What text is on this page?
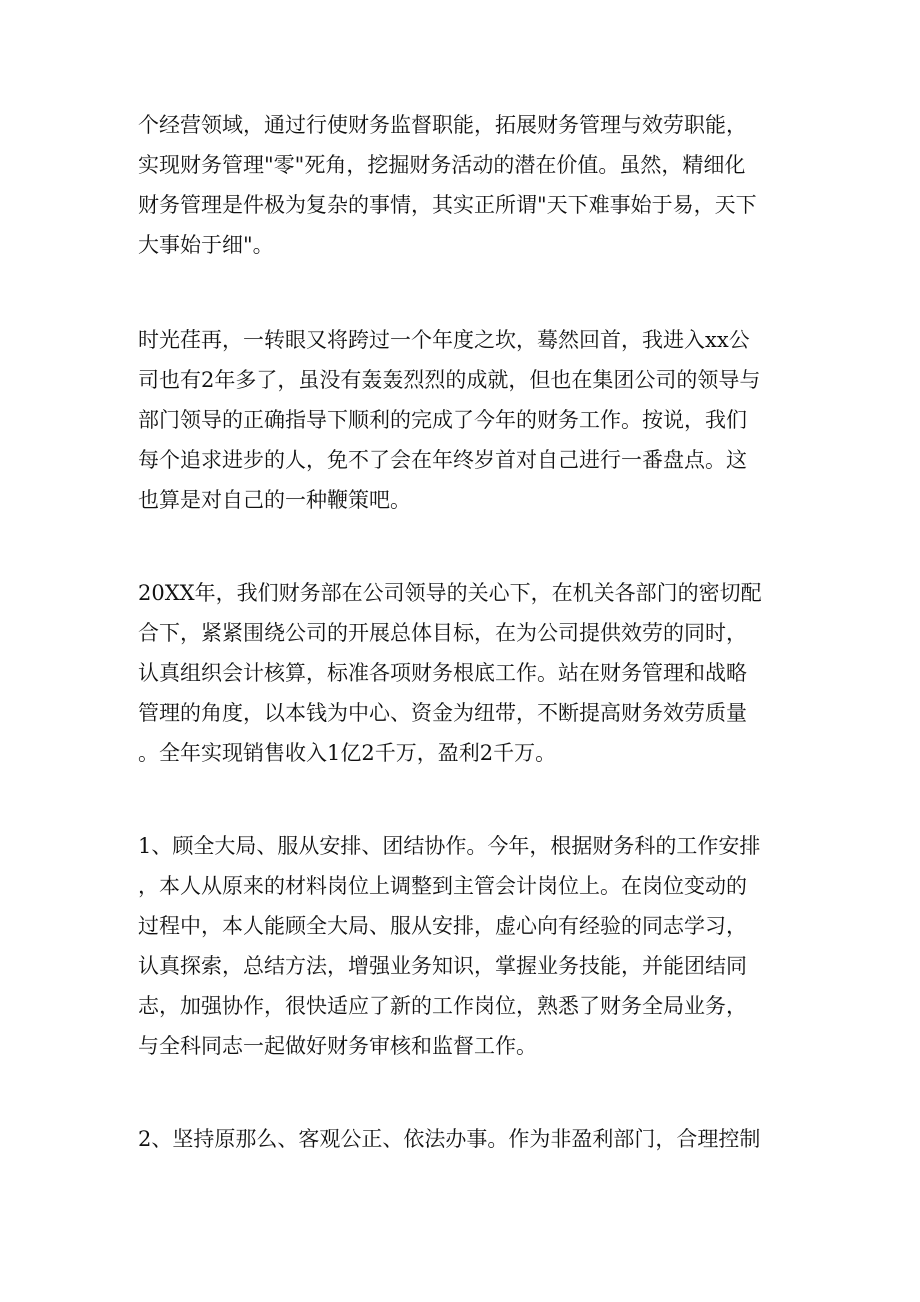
个经营领域，通过行使财务监督职能，拓展财务管理与效劳职能，

实现财务管理"零"死角，挖掘财务活动的潜在价值。虽然，精细化

财务管理是件极为复杂的事情，其实正所谓"天下难事始于易，天下

大事始于细"。

时光荏再，一转眼又将跨过一个年度之坎，蓦然回首，我进入xx公

司也有2年多了，虽没有轰轰烈烈的成就，但也在集团公司的领导与

部门领导的正确指导下顺利的完成了今年的财务工作。按说，我们

每个追求进步的人，免不了会在年终岁首对自己进行一番盘点。这

也算是对自己的一种鞭策吧。

20XX年，我们财务部在公司领导的关心下，在机关各部门的密切配

合下，紧紧围绕公司的开展总体目标，在为公司提供效劳的同时，

认真组织会计核算，标准各项财务根底工作。站在财务管理和战略

管理的角度，以本钱为中心、资金为纽带，不断提高财务效劳质量

。全年实现销售收入1亿2千万，盈利2千万。

1、顾全大局、服从安排、团结协作。今年，根据财务科的工作安排

，本人从原来的材料岗位上调整到主管会计岗位上。在岗位变动的

过程中，本人能顾全大局、服从安排，虚心向有经验的同志学习，

认真探索，总结方法，增强业务知识，掌握业务技能，并能团结同

志，加强协作，很快适应了新的工作岗位，熟悉了财务全局业务，

与全科同志一起做好财务审核和监督工作。

2、坚持原那么、客观公正、依法办事。作为非盈利部门，合理控制
